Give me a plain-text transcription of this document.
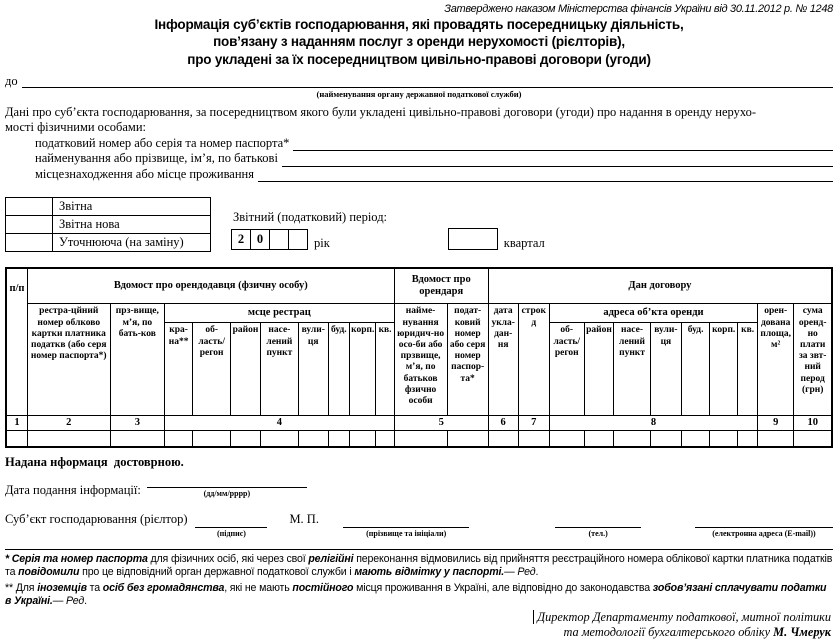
Затверджено наказом Міністерства фінансів України від 30.11.2012 р. № 1248
Інформація суб’єктів господарювання, які провадять посередницьку діяльність,
пов’язану з наданням послуг з оренди нерухомості (рієлторів),
про укладені за їх посередництвом цивільно-правові договори (угоди)
до
(найменування органу державної податкової служби)
Дані про суб’єкта господарювання, за посередництвом якого були укладені цивільно-правові договори (угоди) про надання в оренду нерухо-
мості фізичними особами:
податковий номер або серія та номер паспорта*
найменування або прізвище, ім’я, по батькові
місцезнаходження або місце проживання
	Звітна
	Звітна нова
	Уточнююча (на заміну)
Звітний (податковий) період:
2	0	рік	квартал
п/п	Вдомост про орендодавця (фзичну особу)										Вдомост про орендаря		Дан договору										
	рестра-цйний номер облково картки платника податкв (або серя номер паспорта*)	прз-вище, м’я, по бать-ков	мсце рестрац								найме-нування юридич-но осо-би або прзвище, м’я, по батьков фзично особи	подат-ковий номер або серя номер паспор-та*	дата укла-дан-ня	строк д	адреса об’кта оренди							орен-дована площа, м²	сума оренд-но плати за звт-ний перод (грн)
			кра-на**	об-ласть/регон	район	насе-лений пункт	вули-ця	буд.	корп.	кв.					об-ласть/регон	район	насе-лений пункт	вули-ця	буд.	корп.	кв.		
1	2	3	4								5		6	7	8							9	10

Надана нформаця  достоврною.
Дата подання інформації:	(дд/мм/рррр)
Суб’єкт господарювання (рієлтор)
(підпис)
М. П.
(прізвище та ініціали)	(тел.)	(електронна адреса (E-mail))
* Серія та номер паспорта для фізичних осіб, які через свої релігійні переконання відмовились від прийняття реєстраційного номера облікової картки платника податків та повідомили про це відповідний орган державної податкової служби і мають відмітку у паспорті.— Ред.
** Для іноземців та осіб без громадянства, які не мають постійного місця проживання в Україні, але відповідно до законодавства зобов’язані сплачувати податки в Україні.— Ред.
Директор Департаменту податкової, митної політики
та методології бухгалтерського обліку М. Чмерук
